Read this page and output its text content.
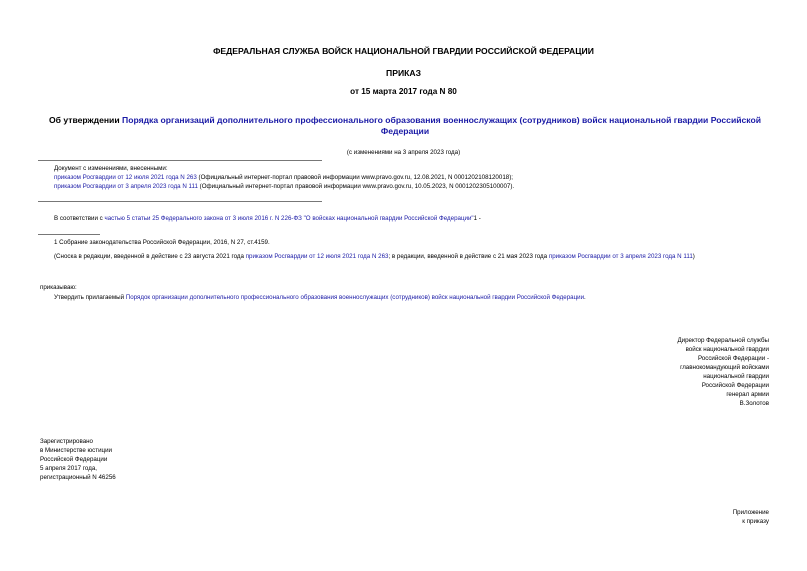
ФЕДЕРАЛЬНАЯ СЛУЖБА ВОЙСК НАЦИОНАЛЬНОЙ ГВАРДИИ РОССИЙСКОЙ ФЕДЕРАЦИИ
ПРИКАЗ
от 15 марта 2017 года N 80
Об утверждении Порядка организаций дополнительного профессионального образования военнослужащих (сотрудников) войск национальной гвардии Российской Федерации
(с изменениями на 3 апреля 2023 года)
Документ с изменениями, внесенными:
приказом Росгвардии от 12 июля 2021 года N 263 (Официальный интернет-портал правовой информации www.pravo.gov.ru, 12.08.2021, N 0001202108120018);
приказом Росгвардии от 3 апреля 2023 года N 111 (Официальный интернет-портал правовой информации www.pravo.gov.ru, 10.05.2023, N 0001202305100007).
В соответствии с частью 5 статьи 25 Федерального закона от 3 июля 2016 г. N 226-ФЗ "О войсках национальной гвардии Российской Федерации"1 -
1 Собрание законодательства Российской Федерации, 2016, N 27, ст.4159.
(Сноска в редакции, введенной в действие с 23 августа 2021 года приказом Росгвардии от 12 июля 2021 года N 263; в редакции, введенной в действие с 21 мая 2023 года приказом Росгвардии от 3 апреля 2023 года N 111)
приказываю:
Утвердить прилагаемый Порядок организации дополнительного профессионального образования военнослужащих (сотрудников) войск национальной гвардии Российской Федерации.
Директор Федеральной службы
войск национальной гвардии
Российской Федерации -
главнокомандующий войсками
национальной гвардии
Российской Федерации
генерал армии
В.Золотов
Зарегистрировано
в Министерстве юстиции
Российской Федерации
5 апреля 2017 года,
регистрационный N 46256
Приложение
к приказу
